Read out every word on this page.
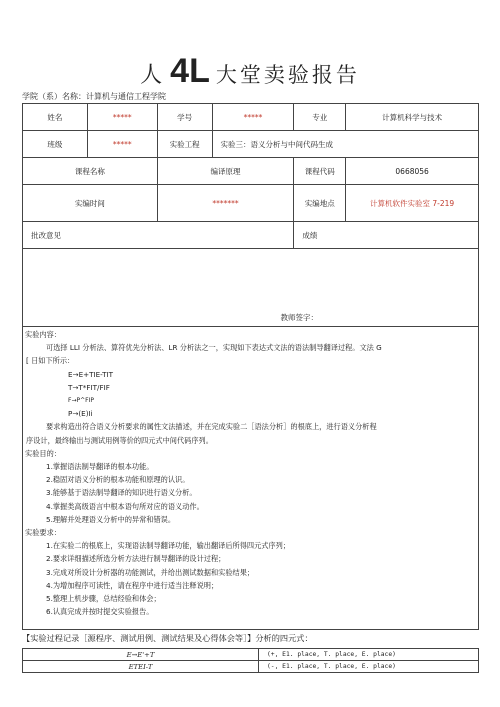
人 4L 大堂卖验报告
学院（系）名称：计算机与通信工程学院
姓名	*****	学号	*****	专业	计算机科学与技术
班级	*****	实验工程	实验三：语义分析与中间代码生成		
课程名称		编译原理		课程代码	0668056
实编时间		*******		实编地点	计算机软件实验室 7-219
批改意见				成绩	
教师签字：					
实验内容：
可选择 LLI 分析法、算符优先分析法、LR 分析法之一，实现如下表达式文法的语法制导翻译过程。文法 G
[ 日如下所示：
E→E+TIE-TIT
T→T*FIT/FIF
F→P^FIP
P→(E)Ii
要求构造出符合语义分析要求的属性文法描述，并在完成实验二［语法分析］的根底上，进行语义分析程
序设计，最终输出与测试用例等价的四元式中间代码序列。
实验目的：
1.掌握语法制导翻译的根本功能。
2.稳固对语义分析的根本功能和原理的认识。
3.能够基于语法制导翻译的知识进行语义分析。
4.掌握类高级语言中根本语句所对应的语义动作。
5.理解并处理语义分析中的异常和错误。
实验要求：
1.在实验二的根底上，实现语法制导翻译功能，输出翻译后所得四元式序列；
2.要求详细描述所选分析方法进行制导翻译的设计过程；
3.完成对所设计分析器的功能测试，并给出测试数据和实验结果；
4.为增加程序可读性，请在程序中进行适当注释说明；
5.整理上机步骤，总结经验和体会；
6.认真完成并按时提交实验报告。
【实验过程记录［源程序、测试用例、测试结果及心得体会等］】分析的四元式：
E→E'+T	(+, E1. place, T. place, E. place)
ETEI-T	(-, E1. place, T. place, E. place)
